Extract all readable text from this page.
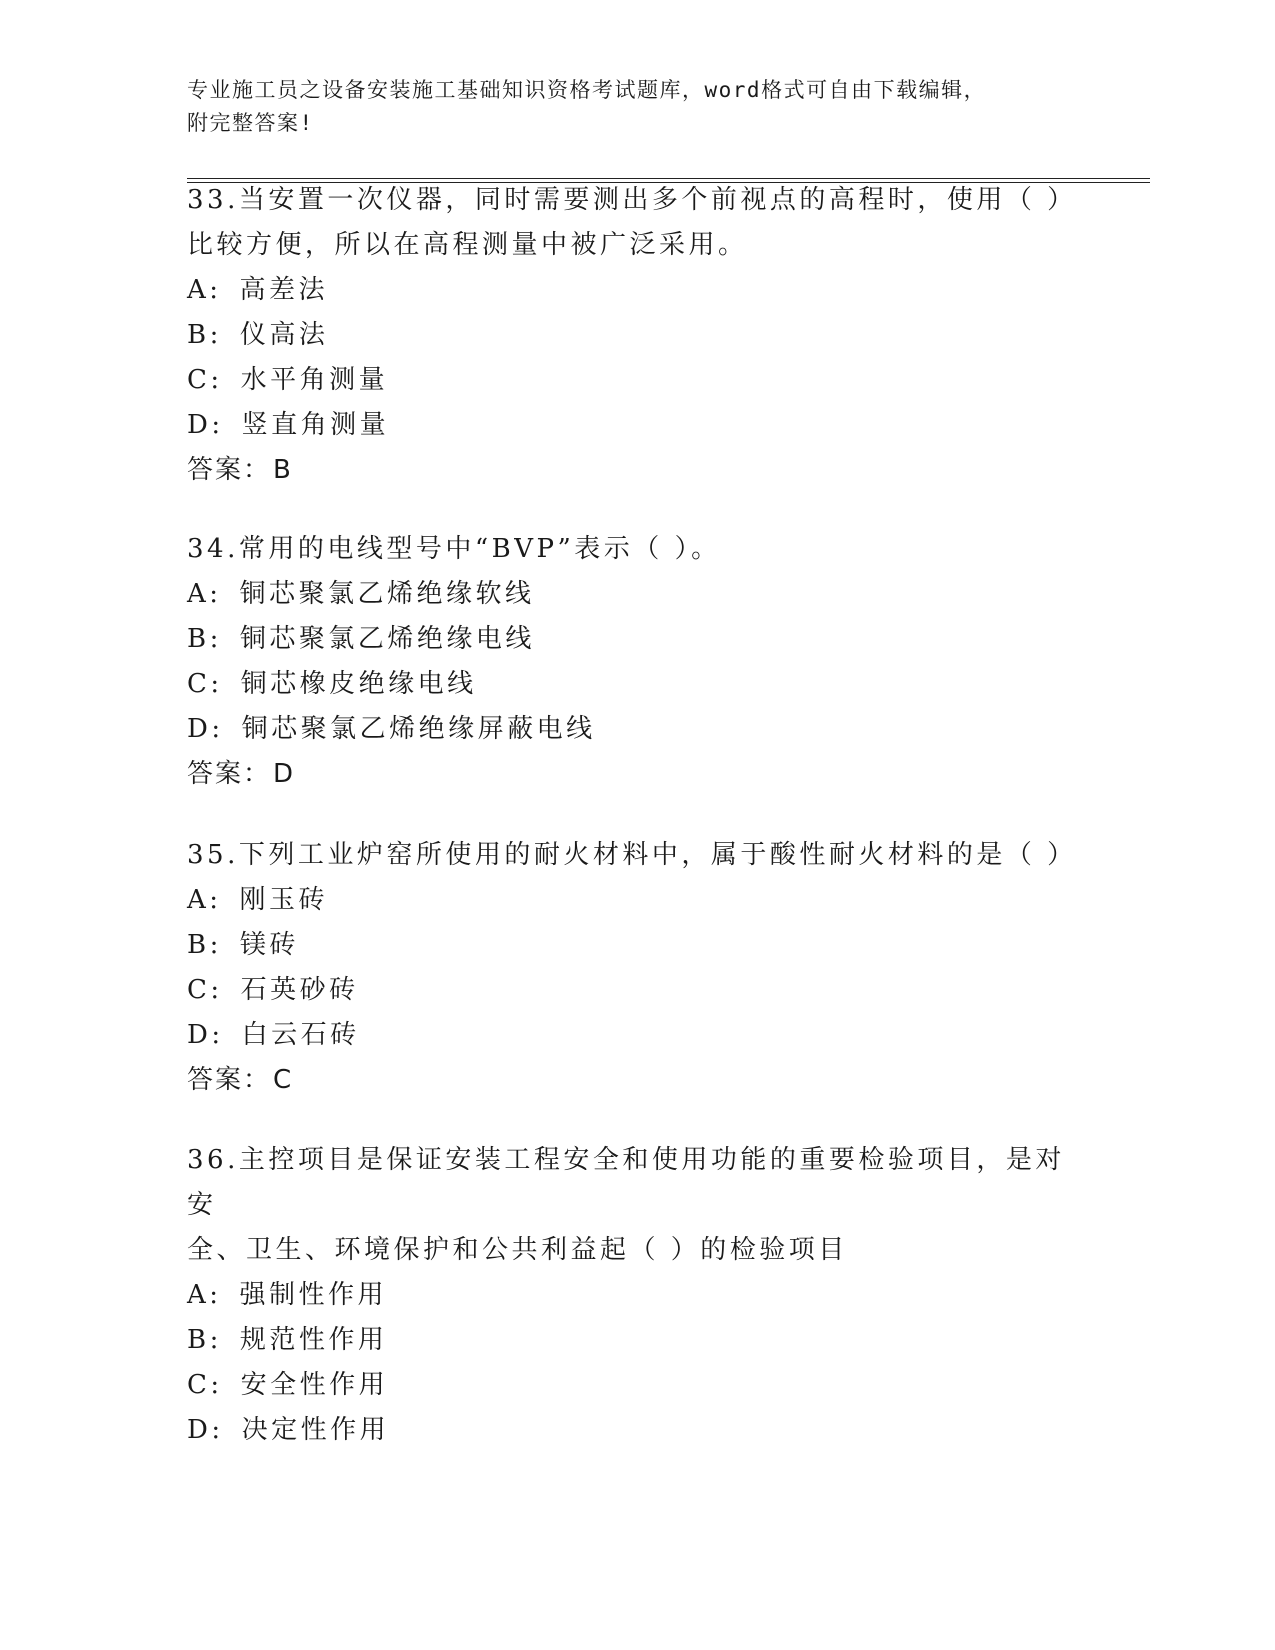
专业施工员之设备安装施工基础知识资格考试题库，word格式可自由下载编辑，
附完整答案!
33.当安置一次仪器，同时需要测出多个前视点的高程时，使用（ ）
比较方便，所以在高程测量中被广泛采用。
A: 高差法
B: 仪高法
C: 水平角测量
D: 竖直角测量
答案：B
34.常用的电线型号中“BVP”表示（ ）。
A: 铜芯聚氯乙烯绝缘软线
B: 铜芯聚氯乙烯绝缘电线
C: 铜芯橡皮绝缘电线
D: 铜芯聚氯乙烯绝缘屏蔽电线
答案：D
35.下列工业炉窑所使用的耐火材料中，属于酸性耐火材料的是（ ）
A: 刚玉砖
B: 镁砖
C: 石英砂砖
D: 白云石砖
答案：C
36.主控项目是保证安装工程安全和使用功能的重要检验项目，是对安
全、卫生、环境保护和公共利益起（ ）的检验项目
A: 强制性作用
B: 规范性作用
C: 安全性作用
D: 决定性作用
